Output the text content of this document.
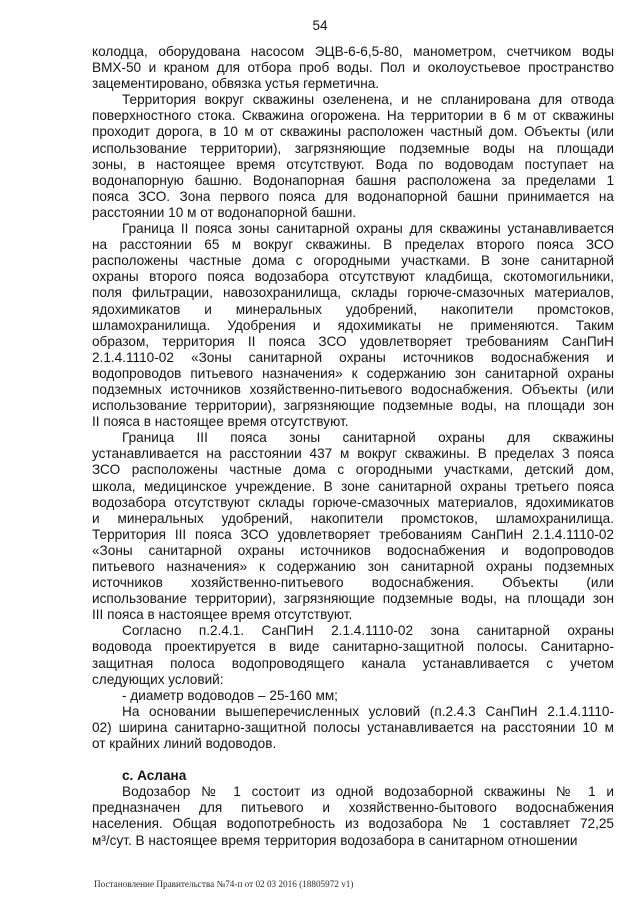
54
колодца, оборудована насосом ЭЦВ-6-6,5-80, манометром, счетчиком воды
ВМХ-50 и краном для отбора проб воды. Пол и околоустьевое пространство
зацементировано, обвязка устья герметична.
Территория вокруг скважины озеленена, и не спланирована для отвода
поверхностного стока. Скважина огорожена. На территории в 6 м от скважины
проходит дорога, в 10 м от скважины расположен частный дом. Объекты (или
использование территории), загрязняющие подземные воды на площади
зоны, в настоящее время отсутствуют. Вода по водоводам поступает на
водонапорную башню. Водонапорная башня расположена за пределами 1
пояса ЗСО. Зона первого пояса для водонапорной башни принимается на
расстоянии 10 м от водонапорной башни.
Граница II пояса зоны санитарной охраны для скважины устанавливается
на расстоянии 65 м вокруг скважины. В пределах второго пояса ЗСО
расположены частные дома с огородными участками. В зоне санитарной
охраны второго пояса водозабора отсутствуют кладбища, скотомогильники,
поля фильтрации, навозохранилища, склады горюче-смазочных материалов,
ядохимикатов и минеральных удобрений, накопители промстоков,
шламохранилища. Удобрения и ядохимикаты не применяются. Таким
образом, территория II пояса ЗСО удовлетворяет требованиям СанПиН
2.1.4.1110-02 «Зоны санитарной охраны источников водоснабжения и
водопроводов питьевого назначения» к содержанию зон санитарной охраны
подземных источников хозяйственно-питьевого водоснабжения. Объекты (или
использование территории), загрязняющие подземные воды, на площади зон
II пояса в настоящее время отсутствуют.
Граница III пояса зоны санитарной охраны для скважины
устанавливается на расстоянии 437 м вокруг скважины. В пределах 3 пояса
ЗСО расположены частные дома с огородными участками, детский дом,
школа, медицинское учреждение. В зоне санитарной охраны третьего пояса
водозабора отсутствуют склады горюче-смазочных материалов, ядохимикатов
и минеральных удобрений, накопители промстоков, шламохранилища.
Территория III пояса ЗСО удовлетворяет требованиям СанПиН 2.1.4.1110-02
«Зоны санитарной охраны источников водоснабжения и водопроводов
питьевого назначения» к содержанию зон санитарной охраны подземных
источников хозяйственно-питьевого водоснабжения. Объекты (или
использование территории), загрязняющие подземные воды, на площади зон
III пояса в настоящее время отсутствуют.
Согласно п.2.4.1. СанПиН 2.1.4.1110-02 зона санитарной охраны
водовода проектируется в виде санитарно-защитной полосы. Санитарно-
защитная полоса водопроводящего канала устанавливается с учетом
следующих условий:
- диаметр водоводов – 25-160 мм;
На основании вышеперечисленных условий (п.2.4.3 СанПиН 2.1.4.1110-
02) ширина санитарно-защитной полосы устанавливается на расстоянии 10 м
от крайних линий водоводов.
с. Аслана
Водозабор № 1 состоит из одной водозаборной скважины № 1 и
предназначен для питьевого и хозяйственно-бытового водоснабжения
населения. Общая водопотребность из водозабора № 1 составляет 72,25
м³/сут. В настоящее время территория водозабора в санитарном отношении
Постановление Правительства №74-п от 02 03 2016 (18805972 v1)
